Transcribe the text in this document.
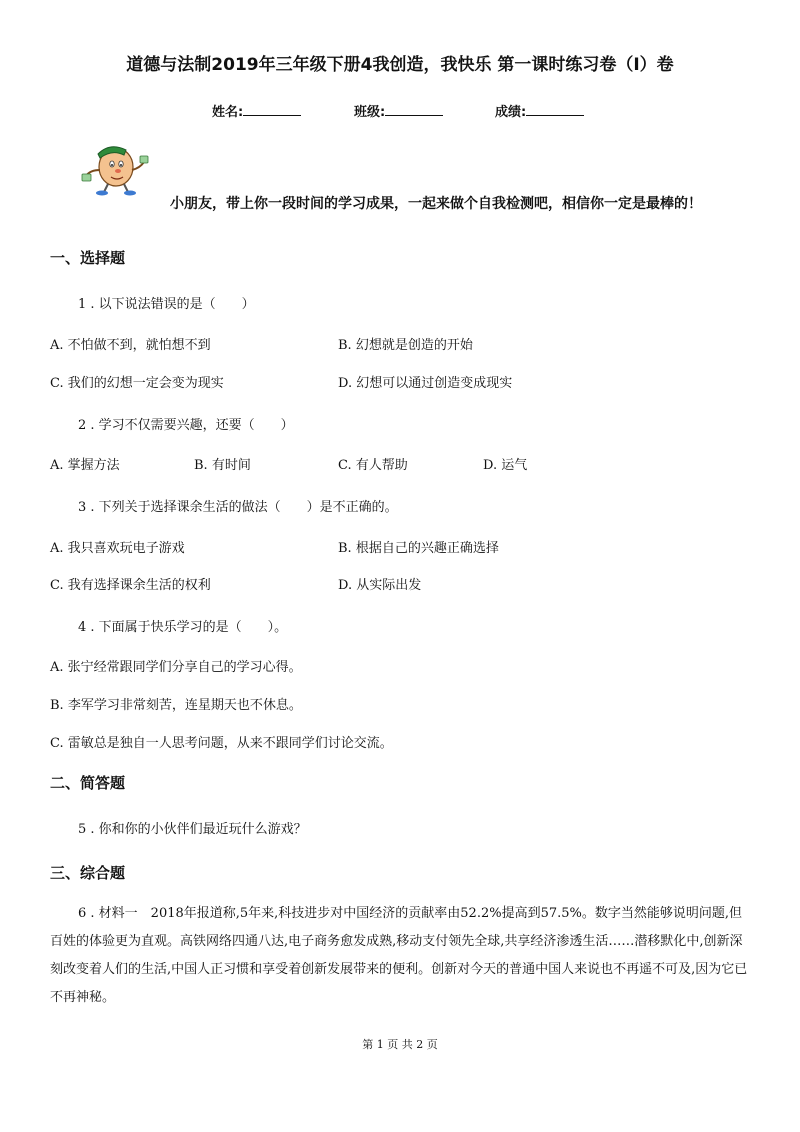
道德与法制2019年三年级下册4我创造，我快乐 第一课时练习卷（I）卷
姓名:	班级:	成绩:
小朋友，带上你一段时间的学习成果，一起来做个自我检测吧，相信你一定是最棒的！
一、选择题
1 . 以下说法错误的是（　　）
A. 不怕做不到，就怕想不到	B. 幻想就是创造的开始
C. 我们的幻想一定会变为现实	D. 幻想可以通过创造变成现实
2 . 学习不仅需要兴趣，还要（　　）
A. 掌握方法	B. 有时间	C. 有人帮助	D. 运气
3 . 下列关于选择课余生活的做法（　　）是不正确的。
A. 我只喜欢玩电子游戏	B. 根据自己的兴趣正确选择
C. 我有选择课余生活的权利	D. 从实际出发
4 . 下面属于快乐学习的是（　　）。
A. 张宁经常跟同学们分享自己的学习心得。
B. 李军学习非常刻苦，连星期天也不休息。
C. 雷敏总是独自一人思考问题，从来不跟同学们讨论交流。
二、简答题
5 . 你和你的小伙伴们最近玩什么游戏？
三、综合题
6 . 材料一　2018年报道称,5年来,科技进步对中国经济的贡献率由52.2%提高到57.5%。数字当然能够说明问题,但百姓的体验更为直观。高铁网络四通八达,电子商务愈发成熟,移动支付领先全球,共享经济渗透生活……潜移默化中,创新深刻改变着人们的生活,中国人正习惯和享受着创新发展带来的便利。创新对今天的普通中国人来说也不再遥不可及,因为它已不再神秘。
第 1 页 共 2 页
